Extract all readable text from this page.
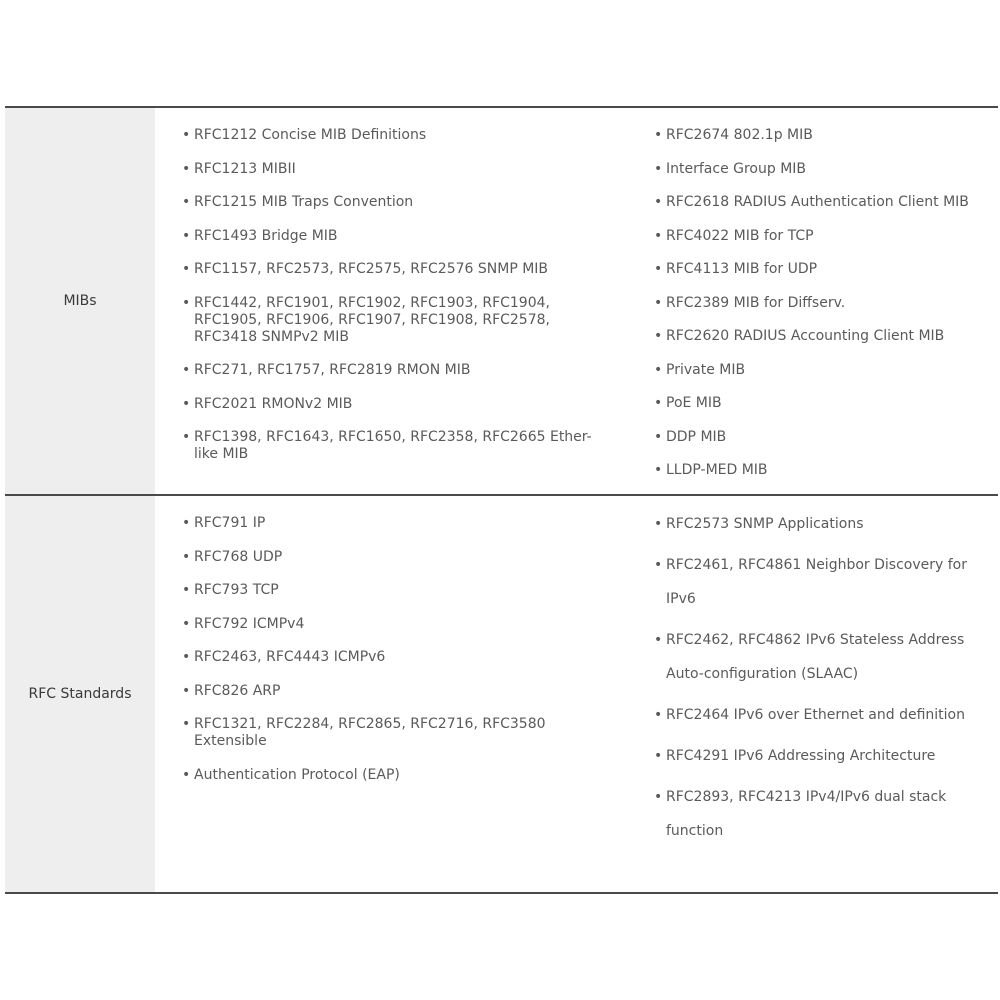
MIBs
• RFC1212 Concise MIB Definitions
• RFC1213 MIBII
• RFC1215 MIB Traps Convention
• RFC1493 Bridge MIB
• RFC1157, RFC2573, RFC2575, RFC2576 SNMP MIB
• RFC1442, RFC1901, RFC1902, RFC1903, RFC1904, RFC1905, RFC1906, RFC1907, RFC1908, RFC2578, RFC3418 SNMPv2 MIB
• RFC271, RFC1757, RFC2819 RMON MIB
• RFC2021 RMONv2 MIB
• RFC1398, RFC1643, RFC1650, RFC2358, RFC2665 Ether-like MIB
• RFC2674 802.1p MIB
• Interface Group MIB
• RFC2618 RADIUS Authentication Client MIB
• RFC4022 MIB for TCP
• RFC4113 MIB for UDP
• RFC2389 MIB for Diffserv.
• RFC2620 RADIUS Accounting Client MIB
• Private MIB
• PoE MIB
• DDP MIB
• LLDP-MED MIB
RFC Standards
• RFC791 IP
• RFC768 UDP
• RFC793 TCP
• RFC792 ICMPv4
• RFC2463, RFC4443 ICMPv6
• RFC826 ARP
• RFC1321, RFC2284, RFC2865, RFC2716, RFC3580 Extensible
• Authentication Protocol (EAP)
• RFC2573 SNMP Applications
• RFC2461, RFC4861 Neighbor Discovery for IPv6
• RFC2462, RFC4862 IPv6 Stateless Address Auto-configuration (SLAAC)
• RFC2464 IPv6 over Ethernet and definition
• RFC4291 IPv6 Addressing Architecture
• RFC2893, RFC4213 IPv4/IPv6 dual stack function
